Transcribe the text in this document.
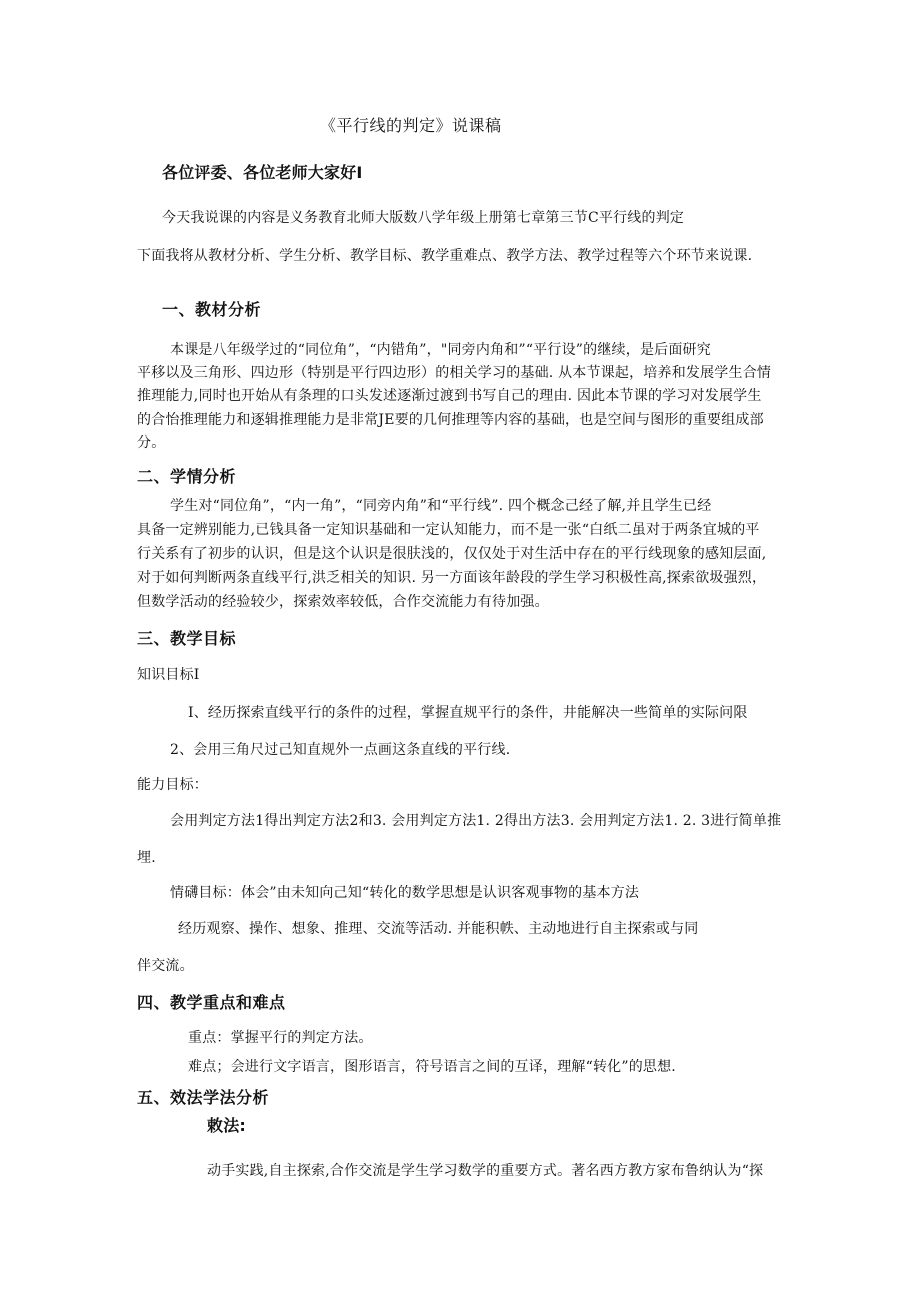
《平行线的判定》说课稿
各位评委、各位老师大家好I
今天我说课的内容是义务教育北师大版数八学年级上册第七章第三节C平行线的判定
下面我将从教材分析、学生分析、教学目标、教学重难点、教学方法、教学过程等六个环节来说课.
一、教材分析
本课是八年级学过的“同位角”，“内错角”，"同旁内角和”“平行设”的继续，是后面研究
平移以及三角形、四边形（特别是平行四边形）的相关学习的基础. 从本节课起，培养和发展学生合情
推理能力,同时也开始从有条理的口头发述逐渐过渡到书写自己的理由. 因此本节课的学习对发展学生
的合怡推理能力和逐辑推理能力是非常JE要的几何推理等内容的基础，也是空间与图形的重要组成部
分。
二、学情分析
学生对“同位角”，“内一角”，“同旁内角”和“平行线”. 四个概念己经了解,并且学生已经
具备一定辨别能力,已钱具备一定知识基础和一定认知能力，而不是一张“白纸二虽对于两条宜城的平
行关系有了初步的认识，但是这个认识是很肤浅的，仅仅处于对生活中存在的平行线现象的感知层面,
对于如何判断两条直线平行,洪乏相关的知识. 另一方面该年龄段的学生学习积极性高,探索欲圾强烈，
但数学活动的经验较少，探索效率较低，合作交流能力有待加强。
三、教学目标
知识目标I
I、经历探索直线平行的条件的过程，掌握直规平行的条件，井能解决一些简单的实际问限
2、会用三角尺过己知直规外一点画这条直线的平行线.
能力目标：
会用判定方法1得出判定方法2和3. 会用判定方法1. 2得出方法3. 会用判定方法1. 2. 3进行简单推
埋.
情礴目标：体会”由未知向己知“转化的数学思想是认识客观事物的基本方法
经历观察、操作、想象、推理、交流等活动. 并能积帙、主动地进行自主探索或与同
伴交流。
四、教学重点和难点
重点：掌握平行的判定方法。
难点；会进行文字语言，图形语言，符号语言之间的互译，理解“转化”的思想.
五、效法学法分析
敕法:
动手实践,自主探索,合作交流是学生学习数学的重要方式。著名西方教方家布鲁纳认为“探
